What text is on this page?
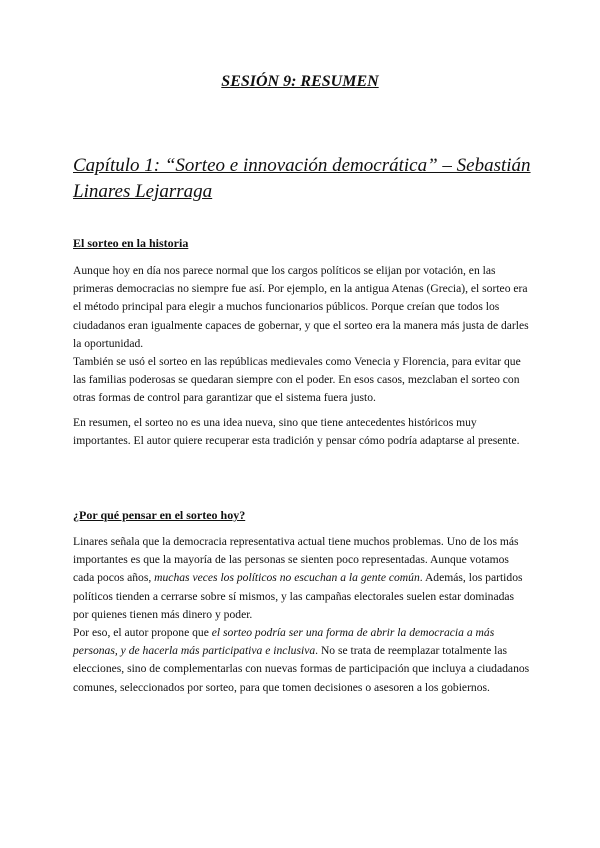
SESIÓN 9: RESUMEN
Capítulo 1: “Sorteo e innovación democrática” – Sebastián Linares Lejarraga
El sorteo en la historia

Aunque hoy en día nos parece normal que los cargos políticos se elijan por votación, en las primeras democracias no siempre fue así. Por ejemplo, en la antigua Atenas (Grecia), el sorteo era el método principal para elegir a muchos funcionarios públicos. Porque creían que todos los ciudadanos eran igualmente capaces de gobernar, y que el sorteo era la manera más justa de darles la oportunidad.

También se usó el sorteo en las repúblicas medievales como Venecia y Florencia, para evitar que las familias poderosas se quedaran siempre con el poder. En esos casos, mezclaban el sorteo con otras formas de control para garantizar que el sistema fuera justo.

En resumen, el sorteo no es una idea nueva, sino que tiene antecedentes históricos muy importantes. El autor quiere recuperar esta tradición y pensar cómo podría adaptarse al presente.

¿Por qué pensar en el sorteo hoy?

Linares señala que la democracia representativa actual tiene muchos problemas. Uno de los más importantes es que la mayoría de las personas se sienten poco representadas. Aunque votamos cada pocos años, muchas veces los políticos no escuchan a la gente común. Además, los partidos políticos tienden a cerrarse sobre sí mismos, y las campañas electorales suelen estar dominadas por quienes tienen más dinero y poder.

Por eso, el autor propone que el sorteo podría ser una forma de abrir la democracia a más personas, y de hacerla más participativa e inclusiva. No se trata de reemplazar totalmente las elecciones, sino de complementarlas con nuevas formas de participación que incluya a ciudadanos comunes, seleccionados por sorteo, para que tomen decisiones o asesoren a los gobiernos.
